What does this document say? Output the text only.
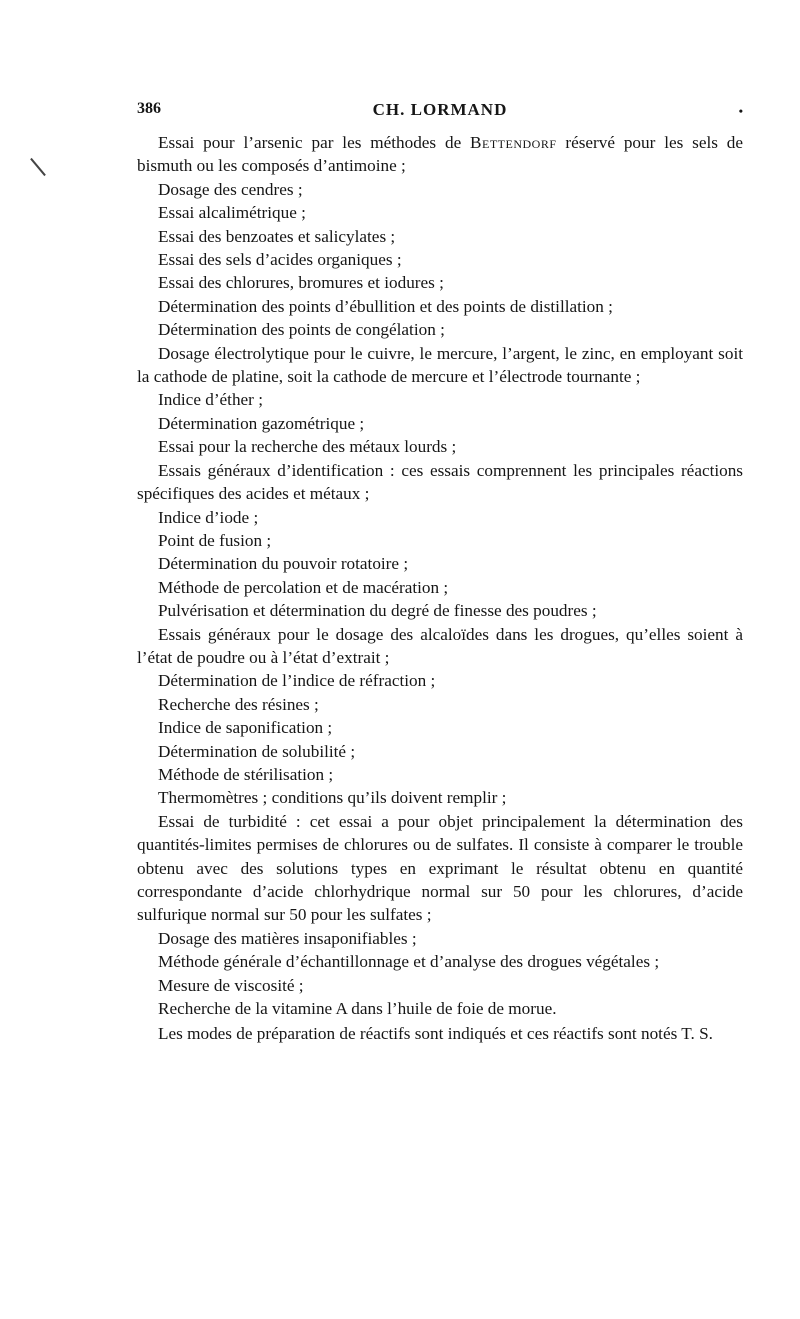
386	CH. LORMAND	•

Essai pour l’arsenic par les méthodes de Bettendorf réservé pour les sels de bismuth ou les composés d’antimoine ;

Dosage des cendres ;

Essai alcalimétrique ;

Essai des benzoates et salicylates ;

Essai des sels d’acides organiques ;

Essai des chlorures, bromures et iodures ;

Détermination des points d’ébullition et des points de distillation ;

Détermination des points de congélation ;

Dosage électrolytique pour le cuivre, le mercure, l’argent, le zinc, en employant soit la cathode de platine, soit la cathode de mercure et l’électrode tournante ;

Indice d’éther ;

Détermination gazométrique ;

Essai pour la recherche des métaux lourds ;

Essais généraux d’identification : ces essais comprennent les principales réactions spécifiques des acides et métaux ;

Indice d’iode ;

Point de fusion ;

Détermination du pouvoir rotatoire ;

Méthode de percolation et de macération ;

Pulvérisation et détermination du degré de finesse des poudres ;

Essais généraux pour le dosage des alcaloïdes dans les drogues, qu’elles soient à l’état de poudre ou à l’état d’extrait ;

Détermination de l’indice de réfraction ;

Recherche des résines ;

Indice de saponification ;

Détermination de solubilité ;

Méthode de stérilisation ;

Thermomètres ; conditions qu’ils doivent remplir ;

Essai de turbidité : cet essai a pour objet principalement la détermination des quantités-limites permises de chlorures ou de sulfates. Il consiste à comparer le trouble obtenu avec des solutions types en exprimant le résultat obtenu en quantité correspondante d’acide chlorhydrique normal sur 50 pour les chlorures, d’acide sulfurique normal sur 50 pour les sulfates ;

Dosage des matières insaponifiables ;

Méthode générale d’échantillonnage et d’analyse des drogues végétales ;

Mesure de viscosité ;

Recherche de la vitamine A dans l’huile de foie de morue.

Les modes de préparation de réactifs sont indiqués et ces réactifs sont notés T. S.
